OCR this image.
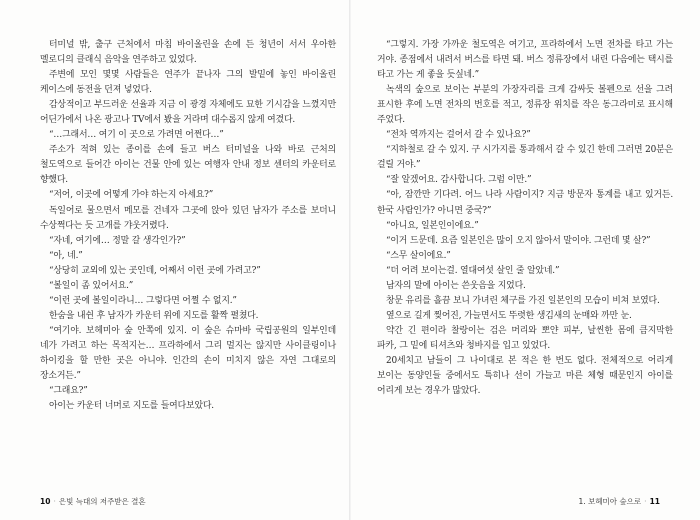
터미널 밖, 출구 근처에서 마침 바이올린을 손에 든 청년이 서서 우아한 멜로디의 클래식 음악을 연주하고 있었다.

주변에 모인 몇몇 사람들은 연주가 끝나자 그의 발밑에 놓인 바이올린 케이스에 동전을 던져 넣었다.

감상적이고 부드러운 선율과 지금 이 광경 자체에도 묘한 기시감을 느꼈지만 어딘가에서 나온 광고나 TV에서 봤을 거라며 대수롭지 않게 여겼다.

“…그래서… 여기 이 곳으로 가려면 어쩐다…”

주소가 적혀 있는 종이를 손에 들고 버스 터미널을 나와 바로 근처의 철도역으로 들어간 아이는 건물 안에 있는 여행자 안내 정보 센터의 카운터로 향했다.

“저어, 이곳에 어떻게 가야 하는지 아세요?”

독일어로 물으면서 메모를 건네자 그곳에 앉아 있던 남자가 주소를 보더니 수상쩍다는 듯 고개를 갸웃거렸다.

“자네, 여기에… 정말 갈 생각인가?”

“아, 네.”

“상당히 교외에 있는 곳인데, 어째서 이런 곳에 가려고?”

“볼일이 좀 있어서요.”

“이런 곳에 볼일이라니… 그렇다면 어쩔 수 없지.”

한숨을 내쉰 후 남자가 카운터 위에 지도를 활짝 펼쳤다.

“여기야. 보헤미아 숲 안쪽에 있지. 이 숲은 슈마바 국립공원의 일부인데 네가 가려고 하는 목적지는… 프라하에서 그리 멀지는 않지만 사이클링이나 하이킹을 할 만한 곳은 아니야. 인간의 손이 미치지 않은 자연 그대로의 장소거든.”

“그래요?”

아이는 카운터 너머로 지도를 들여다보았다.

“그렇지. 가장 가까운 철도역은 여기고, 프라하에서 노면 전차를 타고 가는 거야. 종점에서 내려서 버스를 타면 돼. 버스 정류장에서 내린 다음에는 택시를 타고 가는 게 좋을 듯싶네.”

녹색의 숲으로 보이는 부분의 가장자리를 크게 감싸듯 볼펜으로 선을 그려 표시한 후에 노면 전차의 번호를 적고, 정류장 위치를 작은 동그라미로 표시해 주었다.

“전차 역까지는 걸어서 갈 수 있나요?”

“지하철로 갈 수 있지. 구 시가지를 통과해서 갈 수 있긴 한데 그러면 20분은 걸릴 거야.”

“잘 알겠어요. 감사합니다. 그럼 이만.”

“아, 잠깐만 기다려. 어느 나라 사람이지? 지금 방문자 통계를 내고 있거든. 한국 사람인가? 아니면 중국?”

“아니요, 일본인이에요.”

“이거 드문데. 요즘 일본인은 많이 오지 않아서 말이야. 그런데 몇 살?”

“스무 살이에요.”

“더 어려 보이는걸. 열대여섯 살인 줄 알았네.”

남자의 말에 아이는 쓴웃음을 지었다.

창문 유리를 흘끔 보니 가녀린 체구를 가진 일본인의 모습이 비쳐 보였다.

옆으로 길게 찢어진, 가늘면서도 뚜렷한 생김새의 눈매와 까만 눈.

약간 긴 편이라 찰랑이는 검은 머리와 뽀얀 피부, 날씬한 몸에 큼지막한 파카, 그 밑에 티셔츠와 청바지를 입고 있었다.

20세치고 남들이 그 나이대로 본 적은 한 번도 없다. 전체적으로 어리게 보이는 동양인들 중에서도 특히나 선이 가늘고 마른 체형 때문인지 아이를 어리게 보는 경우가 많았다.

10 · 은빛 늑대의 저주받은 결혼	1. 보헤미아 숲으로 · 11
